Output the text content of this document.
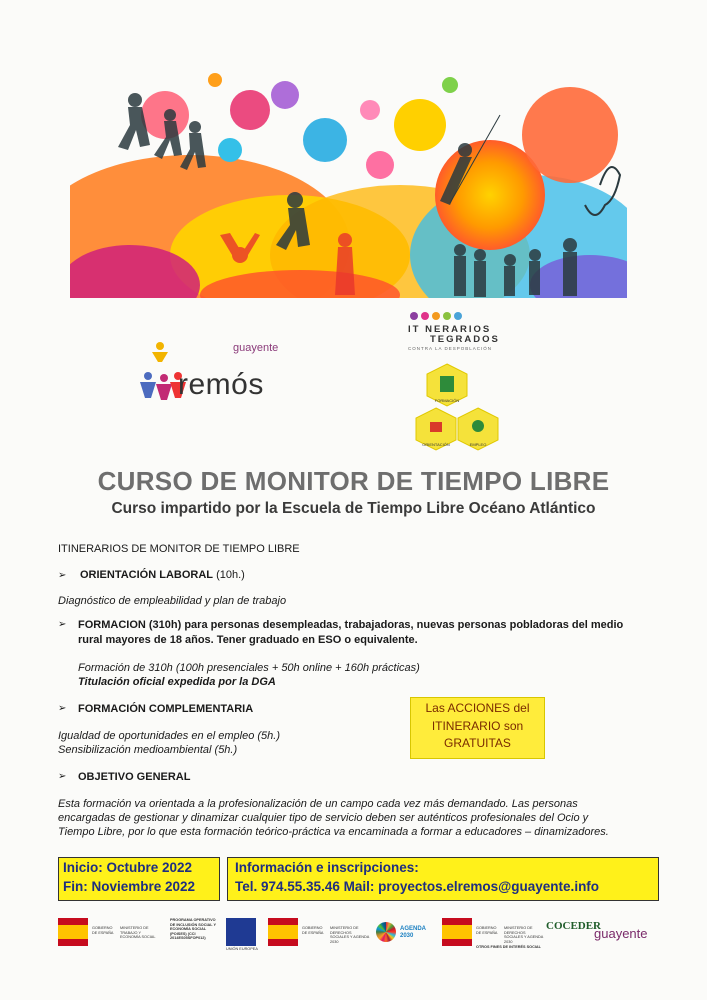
guayente
remós
IT NERARIOS
TEGRADOS
CONTRA LA DESPOBLACIÓN
FORMACIÓN
ORIENTACIÓN	EMPLEO
CURSO DE MONITOR DE TIEMPO LIBRE
Curso impartido por la Escuela de Tiempo Libre Océano Atlántico
ITINERARIOS DE MONITOR DE TIEMPO LIBRE
➢ ORIENTACIÓN LABORAL (10h.)
Diagnóstico de empleabilidad y plan de trabajo
➢ FORMACION (310h) para personas desempleadas, trabajadoras, nuevas personas pobladoras del medio
rural mayores de 18 años. Tener graduado en ESO o equivalente.
Formación de 310h (100h presenciales + 50h online + 160h prácticas)
Titulación oficial expedida por la DGA
➢ FORMACIÓN COMPLEMENTARIA
Igualdad de oportunidades en el empleo (5h.)
Sensibilización medioambiental (5h.)
Las ACCIONES del
ITINERARIO son
GRATUITAS
➢ OBJETIVO GENERAL
Esta formación va orientada a la profesionalización de un campo cada vez más demandado. Las personas
encargadas de gestionar y dinamizar cualquier tipo de servicio deben ser auténticos profesionales del Ocio y
Tiempo Libre, por lo que esta formación teórico-práctica va encaminada a formar a educadores – dinamizadores.
Inicio: Octubre 2022
Fin: Noviembre 2022
Información e inscripciones:
Tel. 974.55.35.46 Mail: proyectos.elremos@guayente.info
GOBIERNO DE ESPAÑA
MINISTERIO DE TRABAJO Y ECONOMÍA SOCIAL
PROGRAMA OPERATIVO DE INCLUSIÓN SOCIAL Y ECONOMÍA SOCIAL (POISES) (CCI 2014ES05SFOP012)
UNIÓN EUROPEA
GOBIERNO DE ESPAÑA
MINISTERIO DE DERECHOS SOCIALES Y AGENDA 2030
AGENDA 2030
GOBIERNO DE ESPAÑA
MINISTERIO DE DERECHOS SOCIALES Y AGENDA 2030
OTROS FINES DE INTERÉS SOCIAL
COCEDER
guayente
